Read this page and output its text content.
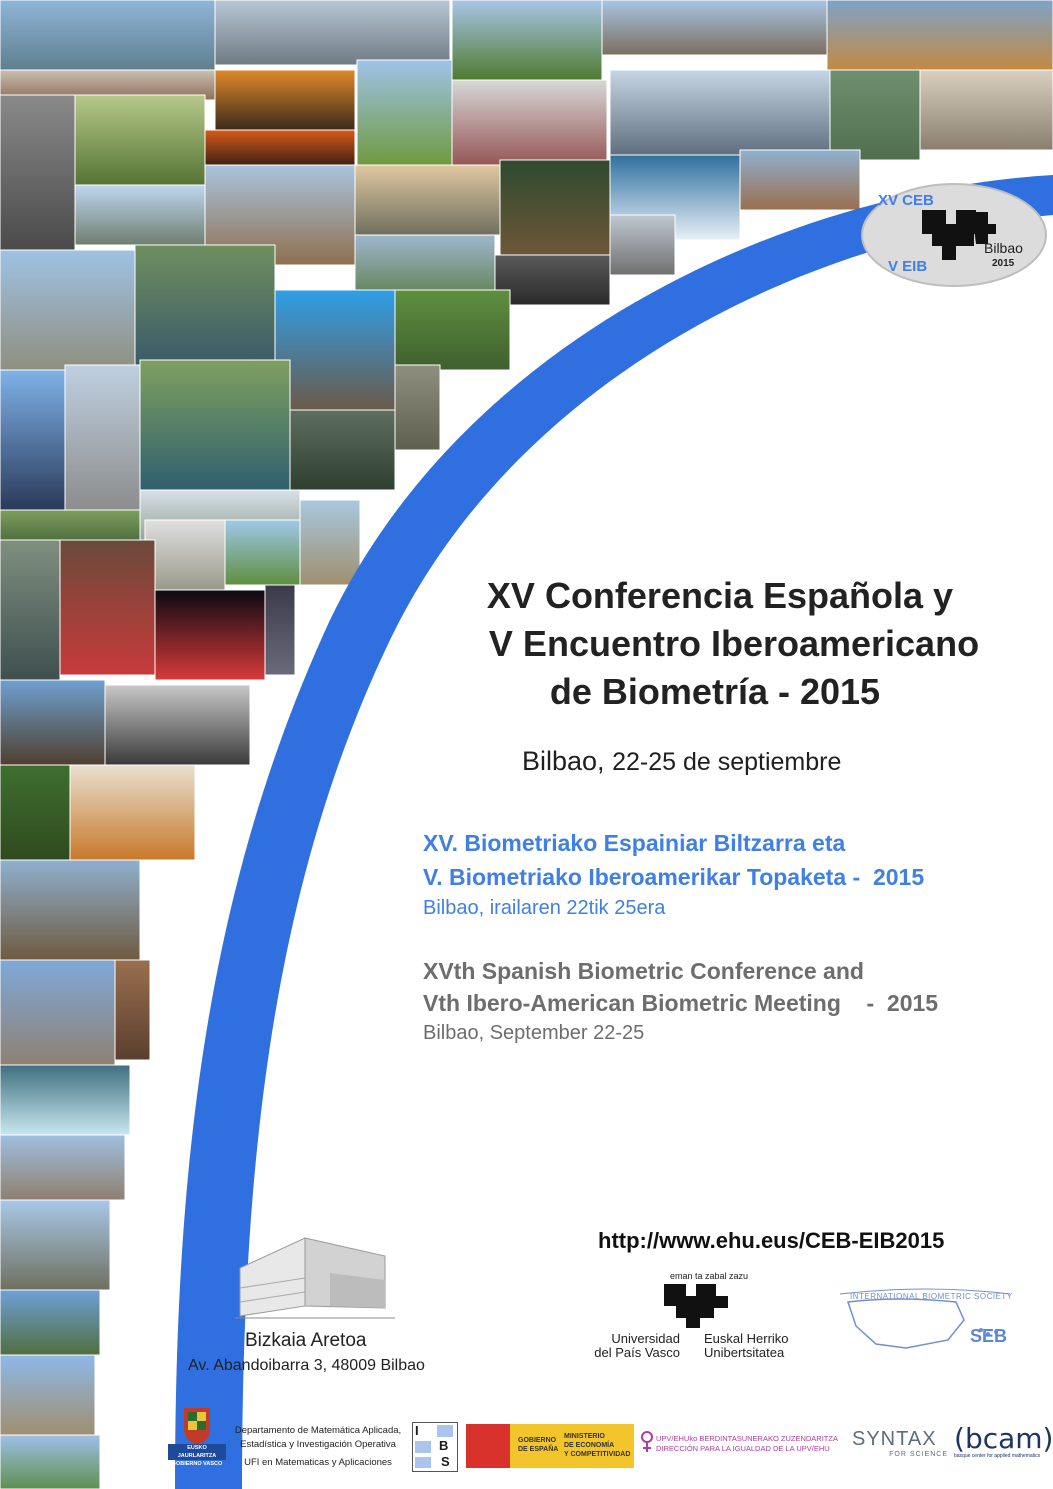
XV CEB
V EIB
Bilbao
2015
XV Conferencia Española y
V Encuentro Iberoamericano
de Biometría - 2015
Bilbao, 22-25 de septiembre
XV. Biometriako Espainiar Biltzarra eta
V. Biometriako Iberoamerikar Topaketa -  2015
Bilbao, irailaren 22tik 25era
XVth Spanish Biometric Conference and
Vth Ibero-American Biometric Meeting    -  2015
Bilbao, September 22-25
http://www.ehu.eus/CEB-EIB2015
Bizkaia Aretoa
Av. Abandoibarra 3, 48009 Bilbao
eman ta zabal zazu
Universidad
del País Vasco
Euskal Herriko
Unibertsitatea
INTERNATIONAL BIOMETRIC SOCIETY
SEB
EUSKO JAURLARITZA
GOBIERNO VASCO
Departamento de Matemática Aplicada,
Estadística y Investigación Operativa
UFI en Matematicas y Aplicaciones
I
B
S
GOBIERNO
DE ESPAÑA
MINISTERIO
DE ECONOMÍA
Y COMPETITIVIDAD
UPV/EHUko BERDINTASUNERAKO ZUZENDARITZA
DIRECCIÓN PARA LA IGUALDAD DE LA UPV/EHU	SYNTAX
FOR SCIENCE (bcam)
basque center for applied mathematics
